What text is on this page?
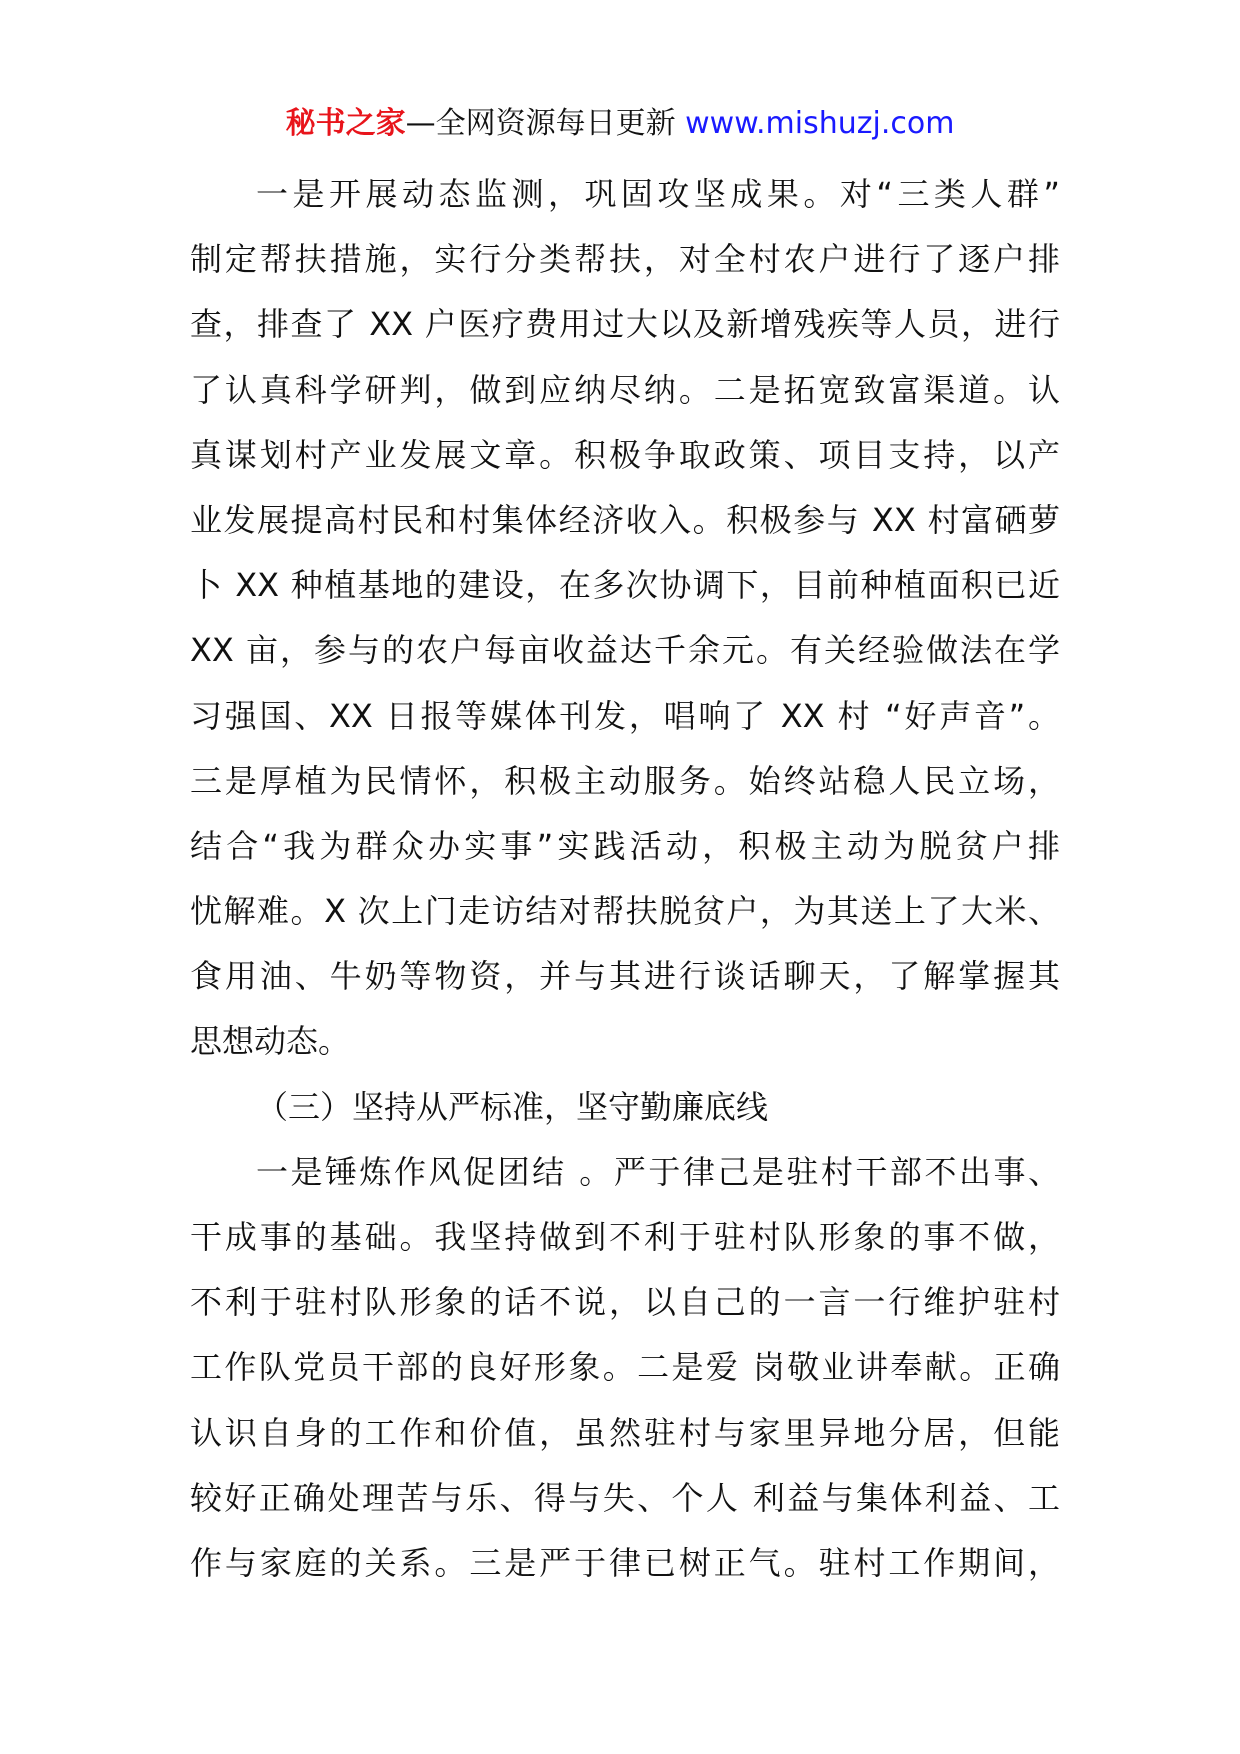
秘书之家—全网资源每日更新 www.mishuzj.com
一是开展动态监测，巩固攻坚成果。对“三类人群”
制定帮扶措施，实行分类帮扶，对全村农户进行了逐户排
查，排查了 XX 户医疗费用过大以及新增残疾等人员，进行
了认真科学研判，做到应纳尽纳。二是拓宽致富渠道。认
真谋划村产业发展文章。积极争取政策、项目支持，以产
业发展提高村民和村集体经济收入。积极参与 XX 村富硒萝
卜 XX 种植基地的建设，在多次协调下，目前种植面积已近
XX 亩，参与的农户每亩收益达千余元。有关经验做法在学
习强国、XX 日报等媒体刊发，唱响了 XX 村 “好声音”。
三是厚植为民情怀，积极主动服务。始终站稳人民立场，
结合“我为群众办实事”实践活动，积极主动为脱贫户排
忧解难。X 次上门走访结对帮扶脱贫户，为其送上了大米、
食用油、牛奶等物资，并与其进行谈话聊天，了解掌握其
思想动态。
（三）坚持从严标准，坚守勤廉底线
一是锤炼作风促团结 。严于律己是驻村干部不出事、
干成事的基础。我坚持做到不利于驻村队形象的事不做，
不利于驻村队形象的话不说，以自己的一言一行维护驻村
工作队党员干部的良好形象。二是爱 岗敬业讲奉献。正确
认识自身的工作和价值，虽然驻村与家里异地分居，但能
较好正确处理苦与乐、得与失、个人 利益与集体利益、工
作与家庭的关系。三是严于律已树正气。驻村工作期间，
